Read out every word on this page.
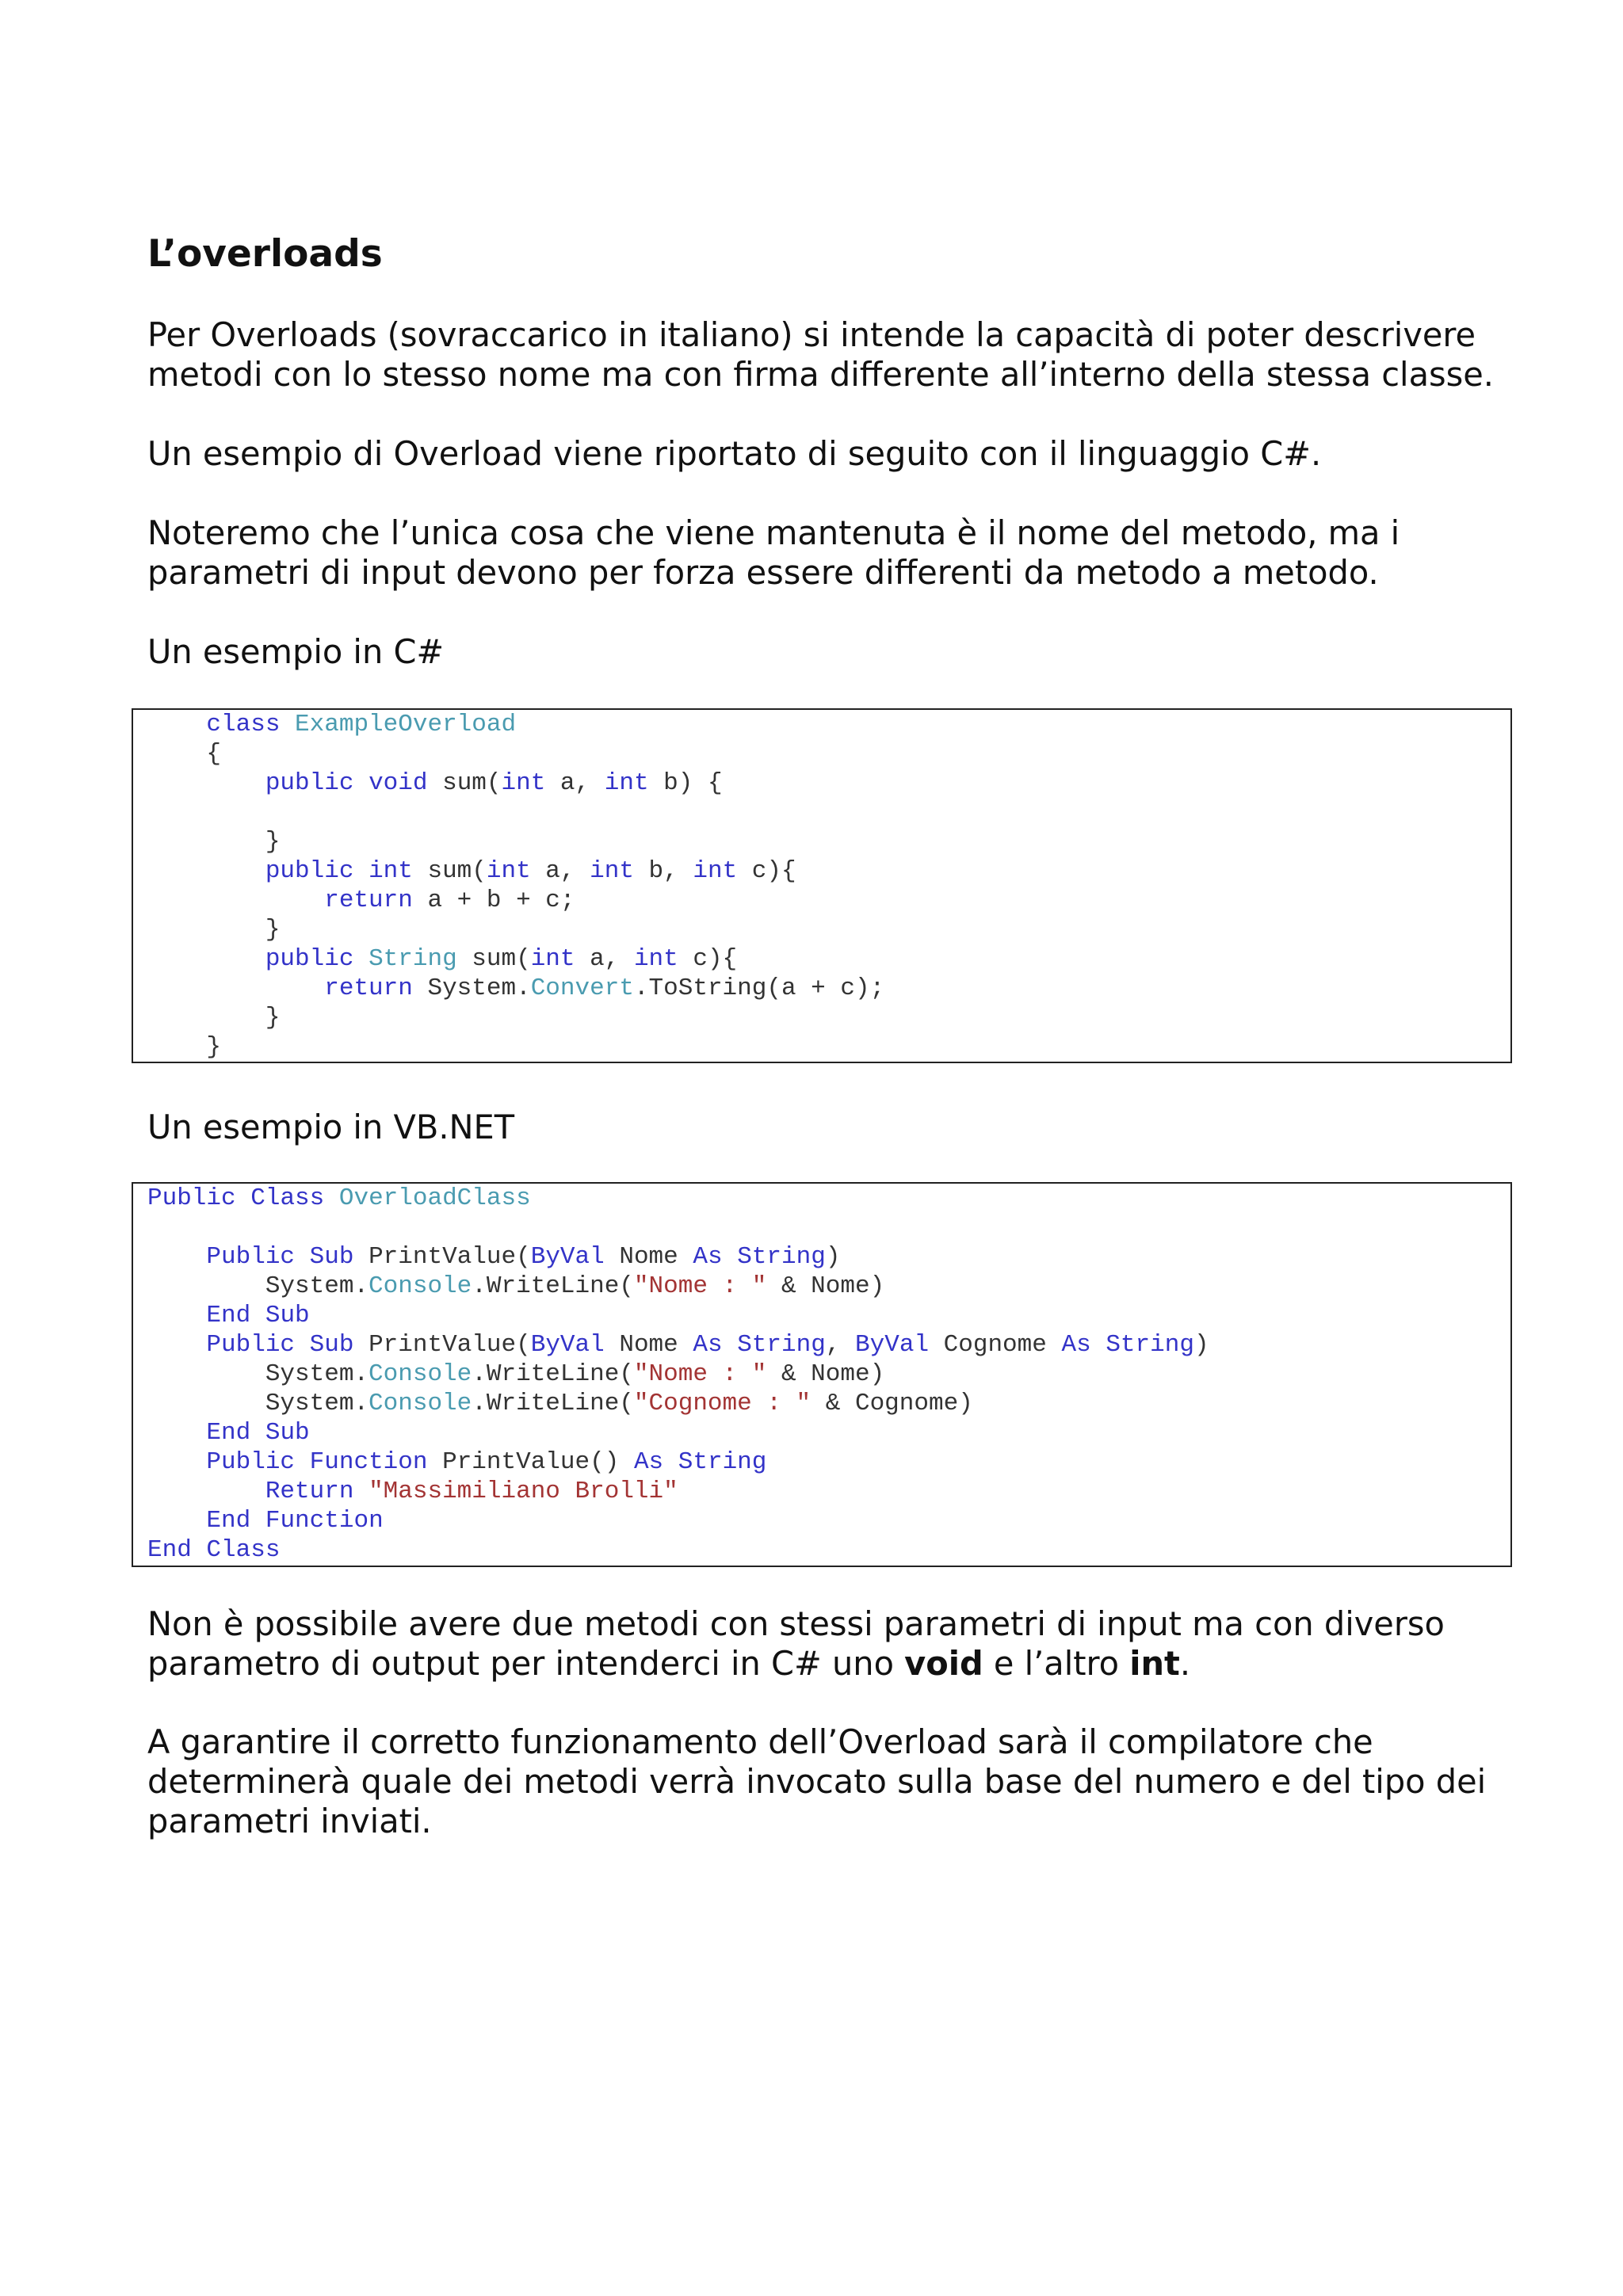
L’overloads

Per Overloads (sovraccarico in italiano) si intende la capacità di poter descrivere metodi con lo stesso nome ma con firma differente all’interno della stessa classe.

Un esempio di Overload viene riportato di seguito con il linguaggio C#.

Noteremo che l’unica cosa che viene mantenuta è il nome del metodo, ma i parametri di input devono per forza essere differenti da metodo a metodo.

Un esempio in C#

class ExampleOverload
{
public void sum(int a, int b) {
}
public int sum(int a, int b, int c){
return a + b + c;
}
public String sum(int a, int c){
return System.Convert.ToString(a + c);
}
}

Un esempio in VB.NET

Public Class OverloadClass
Public Sub PrintValue(ByVal Nome As String)
System.Console.WriteLine("Nome : " & Nome)
End Sub
Public Sub PrintValue(ByVal Nome As String, ByVal Cognome As String)
System.Console.WriteLine("Nome : " & Nome)
System.Console.WriteLine("Cognome : " & Cognome)
End Sub
Public Function PrintValue() As String
Return "Massimiliano Brolli"
End Function
End Class

Non è possibile avere due metodi con stessi parametri di input ma con diverso parametro di output per intenderci in C# uno void e l’altro int.

A garantire il corretto funzionamento dell’Overload sarà il compilatore che determinerà quale dei metodi verrà invocato sulla base del numero e del tipo dei parametri inviati.
